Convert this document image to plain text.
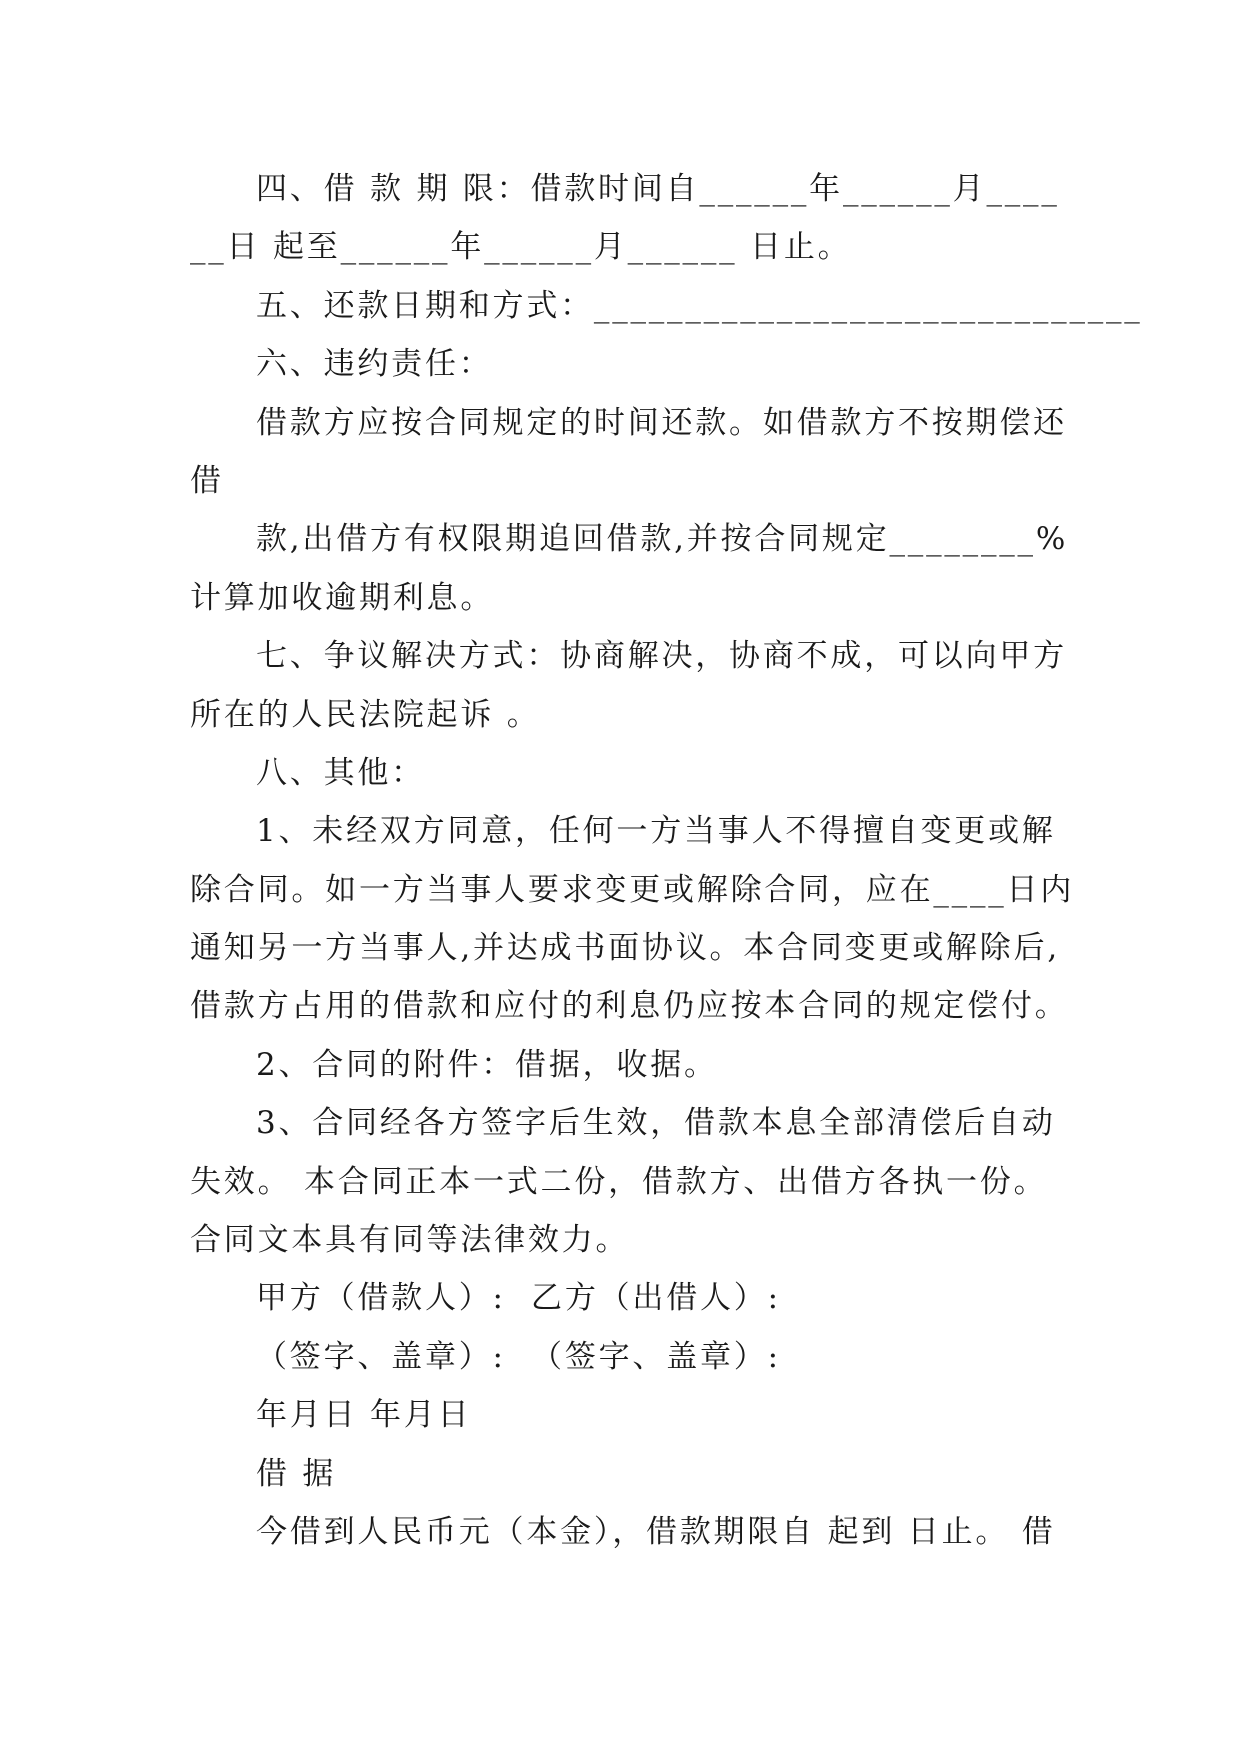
四、借 款 期 限：借款时间自______年______月____
__日 起至______年______月______ 日止。
五、还款日期和方式：______________________________
六、违约责任：
借款方应按合同规定的时间还款。如借款方不按期偿还
借
款,出借方有权限期追回借款,并按合同规定________%
计算加收逾期利息。
七、争议解决方式：协商解决，协商不成，可以向甲方
所在的人民法院起诉 。
八、其他：
1、未经双方同意，任何一方当事人不得擅自变更或解
除合同。如一方当事人要求变更或解除合同，应在____日内
通知另一方当事人,并达成书面协议。本合同变更或解除后,
借款方占用的借款和应付的利息仍应按本合同的规定偿付。
2、合同的附件：借据，收据。
3、合同经各方签字后生效，借款本息全部清偿后自动
失效。 本合同正本一式二份，借款方、出借方各执一份。
合同文本具有同等法律效力。
甲方（借款人）:  乙方（出借人）:
（签字、盖章）:  （签字、盖章）:
年月日 年月日
借 据
今借到人民币元（本金），借款期限自 起到 日止。 借
